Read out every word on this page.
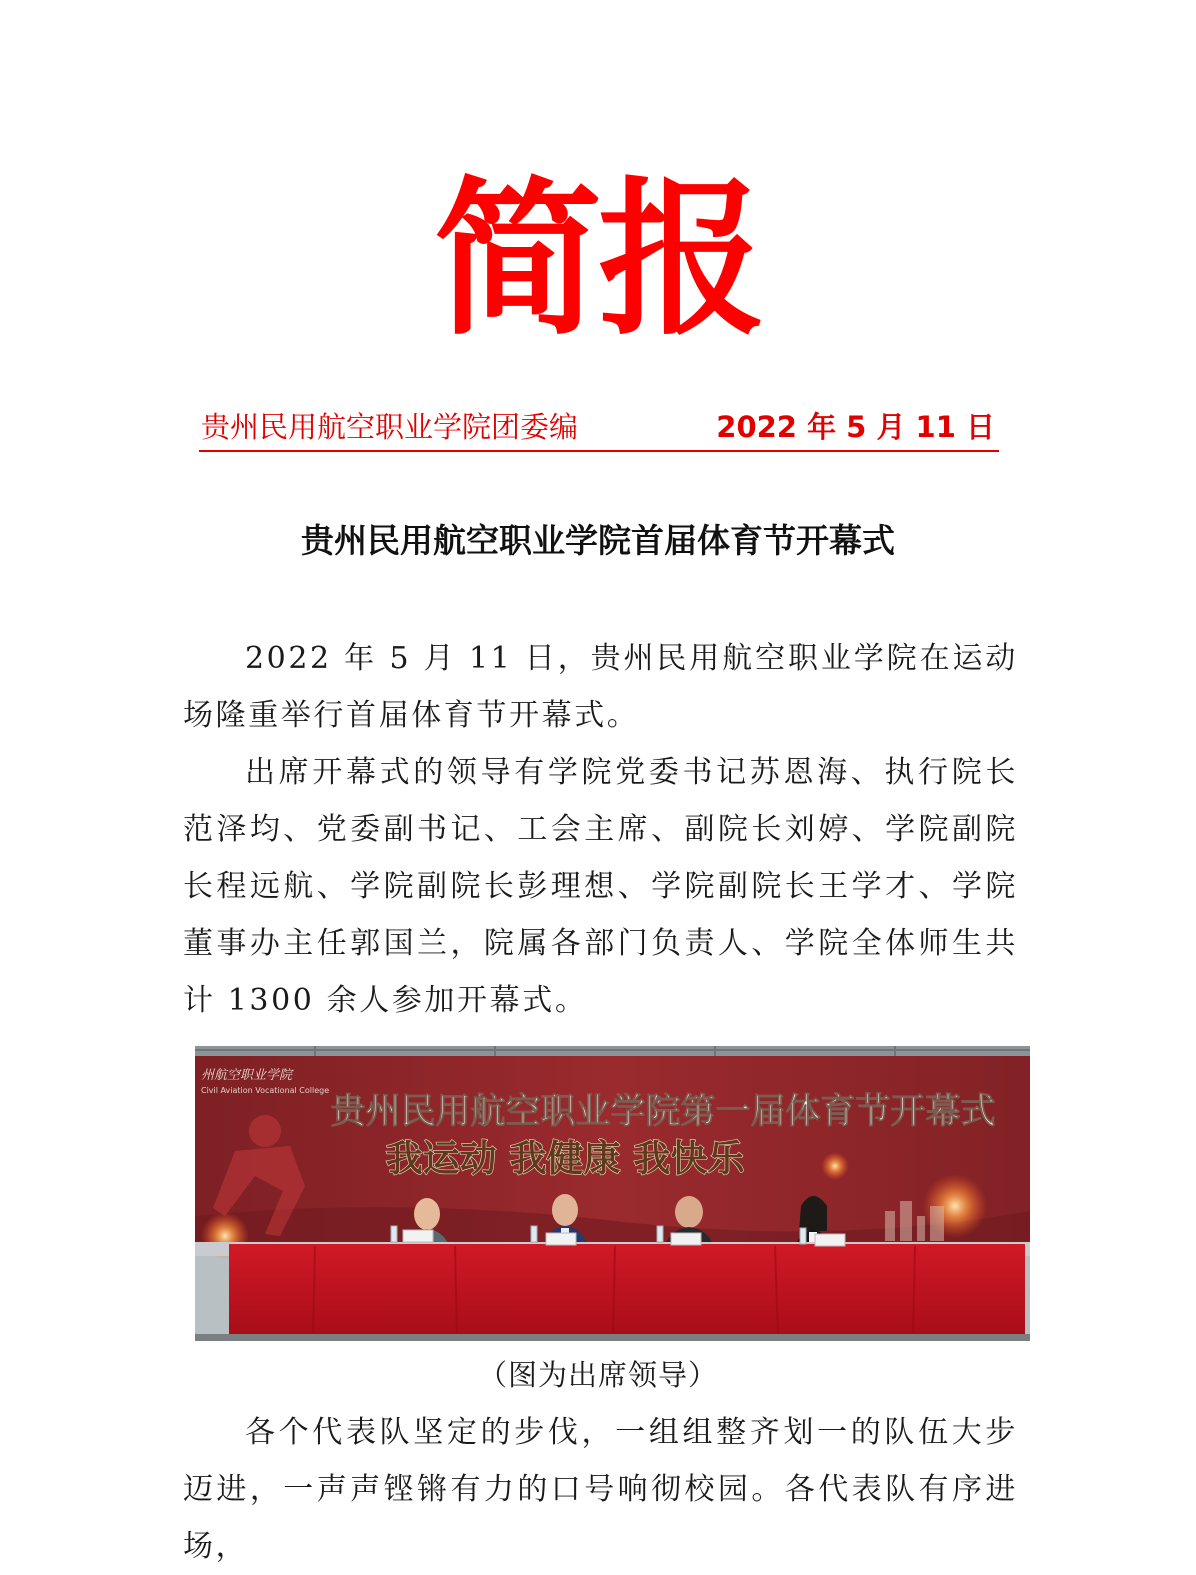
简报
贵州民用航空职业学院团委编	2022 年 5 月 11 日
贵州民用航空职业学院首届体育节开幕式

2022 年 5 月 11 日，贵州民用航空职业学院在运动场隆重举行首届体育节开幕式。

出席开幕式的领导有学院党委书记苏恩海、执行院长范泽均、党委副书记、工会主席、副院长刘婷、学院副院长程远航、学院副院长彭理想、学院副院长王学才、学院董事办主任郭国兰，院属各部门负责人、学院全体师生共计 1300 余人参加开幕式。

州航空职业学院
Civil Aviation Vocational College
贵州民用航空职业学院第一届体育节开幕式
我运动 我健康 我快乐
（图为出席领导）

各个代表队坚定的步伐，一组组整齐划一的队伍大步迈进，一声声铿锵有力的口号响彻校园。各代表队有序进场，
